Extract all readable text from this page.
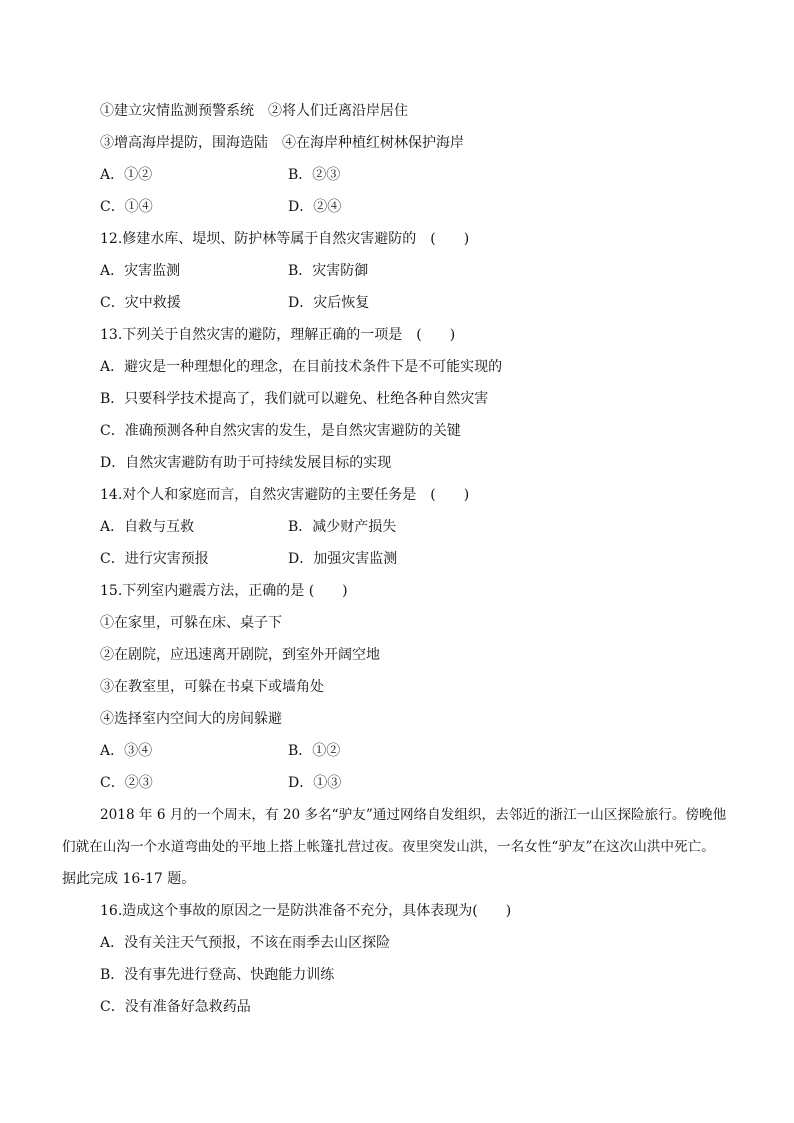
①建立灾情监测预警系统　②将人们迁离沿岸居住
③增高海岸提防，围海造陆　④在海岸种植红树林保护海岸
A．①②	B．②③
C．①④	D．②④
12.修建水库、堤坝、防护林等属于自然灾害避防的　(　　)
A．灾害监测	B．灾害防御
C．灾中救援	D．灾后恢复
13.下列关于自然灾害的避防，理解正确的一项是　(　　)
A．避灾是一种理想化的理念，在目前技术条件下是不可能实现的
B．只要科学技术提高了，我们就可以避免、杜绝各种自然灾害
C．准确预测各种自然灾害的发生，是自然灾害避防的关键
D．自然灾害避防有助于可持续发展目标的实现
14.对个人和家庭而言，自然灾害避防的主要任务是　(　　)
A．自救与互救	B．减少财产损失
C．进行灾害预报	D．加强灾害监测
15.下列室内避震方法，正确的是 (　　)
①在家里，可躲在床、桌子下
②在剧院，应迅速离开剧院，到室外开阔空地
③在教室里，可躲在书桌下或墙角处
④选择室内空间大的房间躲避
A．③④	B．①②
C．②③	D．①③
2018 年 6 月的一个周末，有 20 多名“驴友”通过网络自发组织，去邻近的浙江一山区探险旅行。傍晚他
们就在山沟一个水道弯曲处的平地上搭上帐篷扎营过夜。夜里突发山洪，一名女性“驴友”在这次山洪中死亡。
据此完成 16-17 题。
16.造成这个事故的原因之一是防洪准备不充分，具体表现为(　　)
A．没有关注天气预报，不该在雨季去山区探险
B．没有事先进行登高、快跑能力训练
C．没有准备好急救药品
